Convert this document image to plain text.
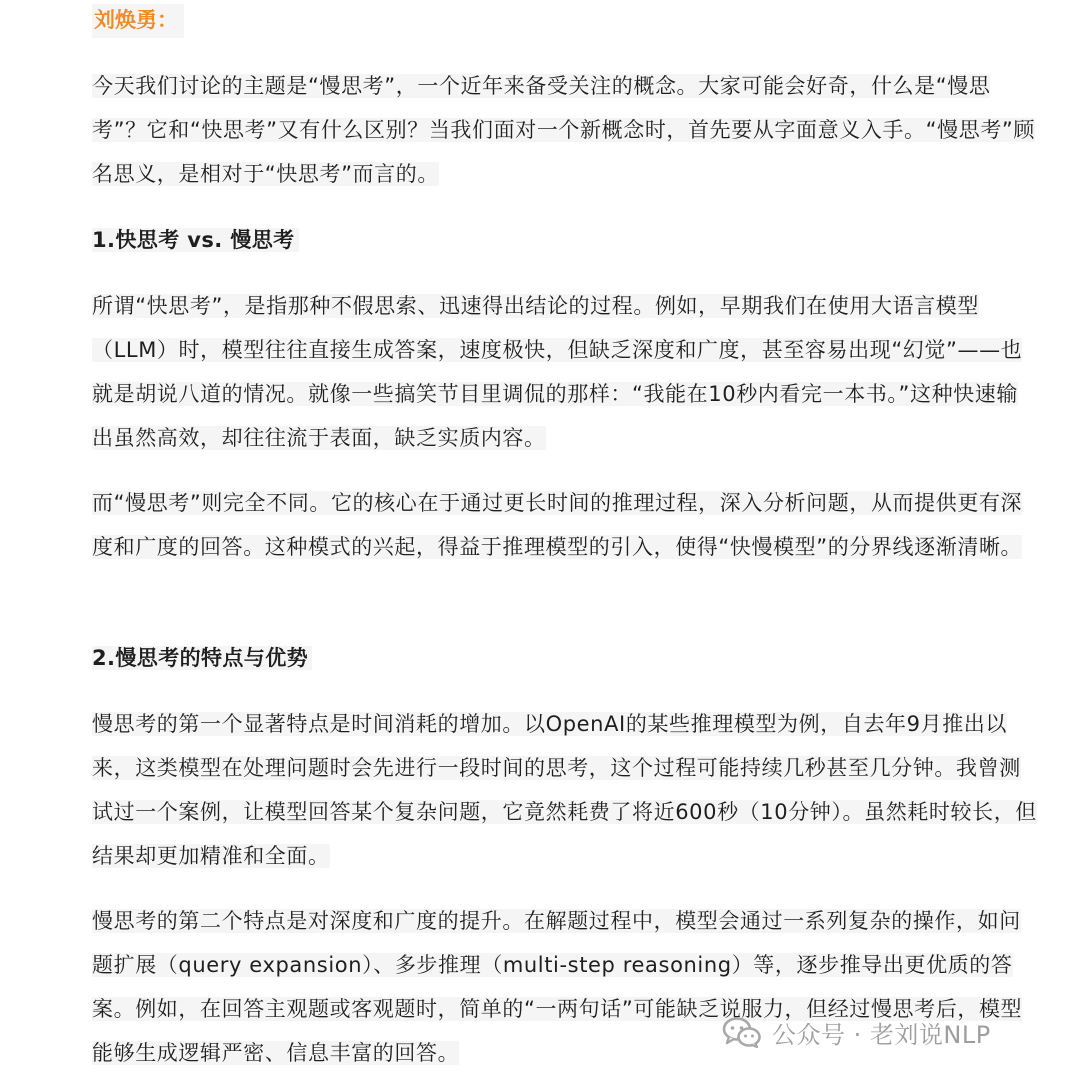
刘焕勇：
今天我们讨论的主题是“慢思考”，一个近年来备受关注的概念。大家可能会好奇，什么是“慢思考”？它和“快思考”又有什么区别？当我们面对一个新概念时，首先要从字面意义入手。“慢思考”顾名思义，是相对于“快思考”而言的。
1.快思考 vs. 慢思考
所谓“快思考”，是指那种不假思索、迅速得出结论的过程。例如，早期我们在使用大语言模型（LLM）时，模型往往直接生成答案，速度极快，但缺乏深度和广度，甚至容易出现“幻觉”——也就是胡说八道的情况。就像一些搞笑节目里调侃的那样：“我能在10秒内看完一本书。”这种快速输出虽然高效，却往往流于表面，缺乏实质内容。
而“慢思考”则完全不同。它的核心在于通过更长时间的推理过程，深入分析问题，从而提供更有深度和广度的回答。这种模式的兴起，得益于推理模型的引入，使得“快慢模型”的分界线逐渐清晰。
2.慢思考的特点与优势
慢思考的第一个显著特点是时间消耗的增加。以OpenAI的某些推理模型为例，自去年9月推出以来，这类模型在处理问题时会先进行一段时间的思考，这个过程可能持续几秒甚至几分钟。我曾测试过一个案例，让模型回答某个复杂问题，它竟然耗费了将近600秒（10分钟）。虽然耗时较长，但结果却更加精准和全面。
慢思考的第二个特点是对深度和广度的提升。在解题过程中，模型会通过一系列复杂的操作，如问题扩展（query expansion）、多步推理（multi-step reasoning）等，逐步推导出更优质的答案。例如，在回答主观题或客观题时，简单的“一两句话”可能缺乏说服力，但经过慢思考后，模型能够生成逻辑严密、信息丰富的回答。
公众号 · 老刘说NLP
